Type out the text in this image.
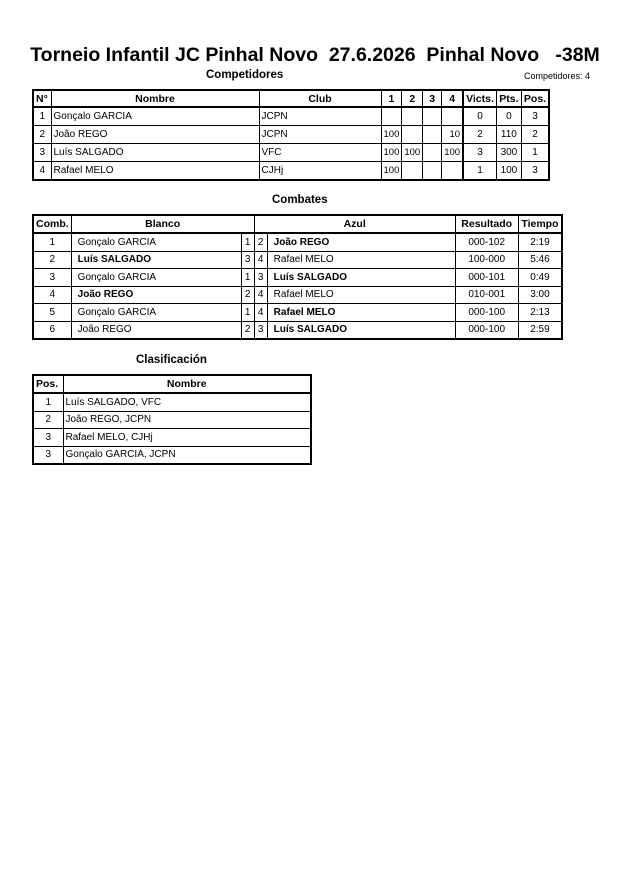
Torneio Infantil JC Pinhal Novo  27.6.2026  Pinhal Novo   -38M
Competidores	Competidores: 4
N°	Nombre	Club	1	2	3	4	Victs.	Pts.	Pos.
1	Gonçalo GARCIA	JCPN					0	0	3
2	João REGO	JCPN	100			10	2	110	2
3	Luís SALGADO	VFC	100	100		100	3	300	1
4	Rafael MELO	CJHj	100				1	100	3
Combates
Comb.	Blanco		Azul		Resultado	Tiempo
1	Gonçalo GARCIA	1	2	João REGO	000-102	2:19
2	Luís SALGADO	3	4	Rafael MELO	100-000	5:46
3	Gonçalo GARCIA	1	3	Luís SALGADO	000-101	0:49
4	João REGO	2	4	Rafael MELO	010-001	3:00
5	Gonçalo GARCIA	1	4	Rafael MELO	000-100	2:13
6	João REGO	2	3	Luís SALGADO	000-100	2:59
Clasificación
Pos.	Nombre
1	Luís SALGADO, VFC
2	João REGO, JCPN
3	Rafael MELO, CJHj
3	Gonçalo GARCIA, JCPN
